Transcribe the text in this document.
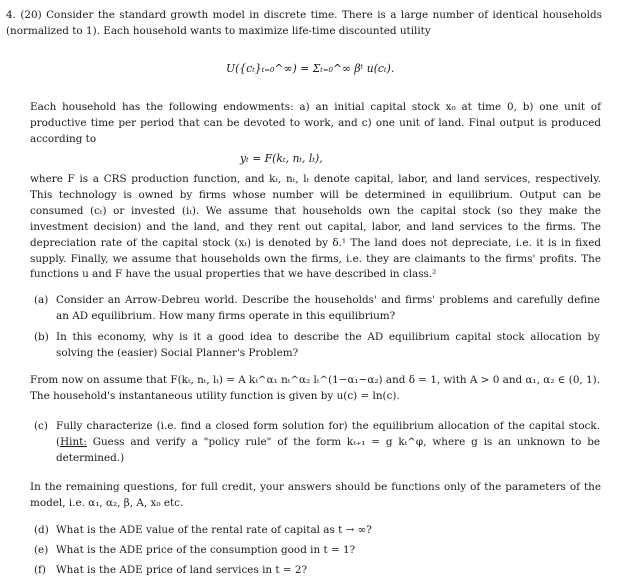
4. (20) Consider the standard growth model in discrete time. There is a large number of identical households (normalized to 1). Each household wants to maximize life-time discounted utility

U({cₜ}ₜ₌₀^∞) = Σₜ₌₀^∞ βᵗ u(cₜ).

Each household has the following endowments: a) an initial capital stock x₀ at time 0, b) one unit of productive time per period that can be devoted to work, and c) one unit of land. Final output is produced according to

yₜ = F(kₜ, nₜ, lₜ),

where F is a CRS production function, and kₜ, nₜ, lₜ denote capital, labor, and land services, respectively. This technology is owned by firms whose number will be determined in equilibrium. Output can be consumed (cₜ) or invested (iₜ). We assume that households own the capital stock (so they make the investment decision) and the land, and they rent out capital, labor, and land services to the firms. The depreciation rate of the capital stock (xₜ) is denoted by δ.¹ The land does not depreciate, i.e. it is in fixed supply. Finally, we assume that households own the firms, i.e. they are claimants to the firms' profits. The functions u and F have the usual properties that we have described in class.²

(a) Consider an Arrow-Debreu world. Describe the households' and firms' problems and carefully define an AD equilibrium. How many firms operate in this equilibrium?

(b) In this economy, why is it a good idea to describe the AD equilibrium capital stock allocation by solving the (easier) Social Planner's Problem?

From now on assume that F(kₜ, nₜ, lₜ) = A kₜ^α₁ nₜ^α₂ lₜ^(1−α₁−α₂) and δ = 1, with A > 0 and α₁, α₂ ∈ (0, 1).

The household's instantaneous utility function is given by u(c) = ln(c).

(c) Fully characterize (i.e. find a closed form solution for) the equilibrium allocation of the capital stock. (Hint: Guess and verify a "policy rule" of the form kₜ₊₁ = g kₜ^φ, where g is an unknown to be determined.)

In the remaining questions, for full credit, your answers should be functions only of the parameters of the model, i.e. α₁, α₂, β, A, x₀ etc.

(d) What is the ADE value of the rental rate of capital as t → ∞?

(e) What is the ADE price of the consumption good in t = 1?

(f) What is the ADE price of land services in t = 2?
